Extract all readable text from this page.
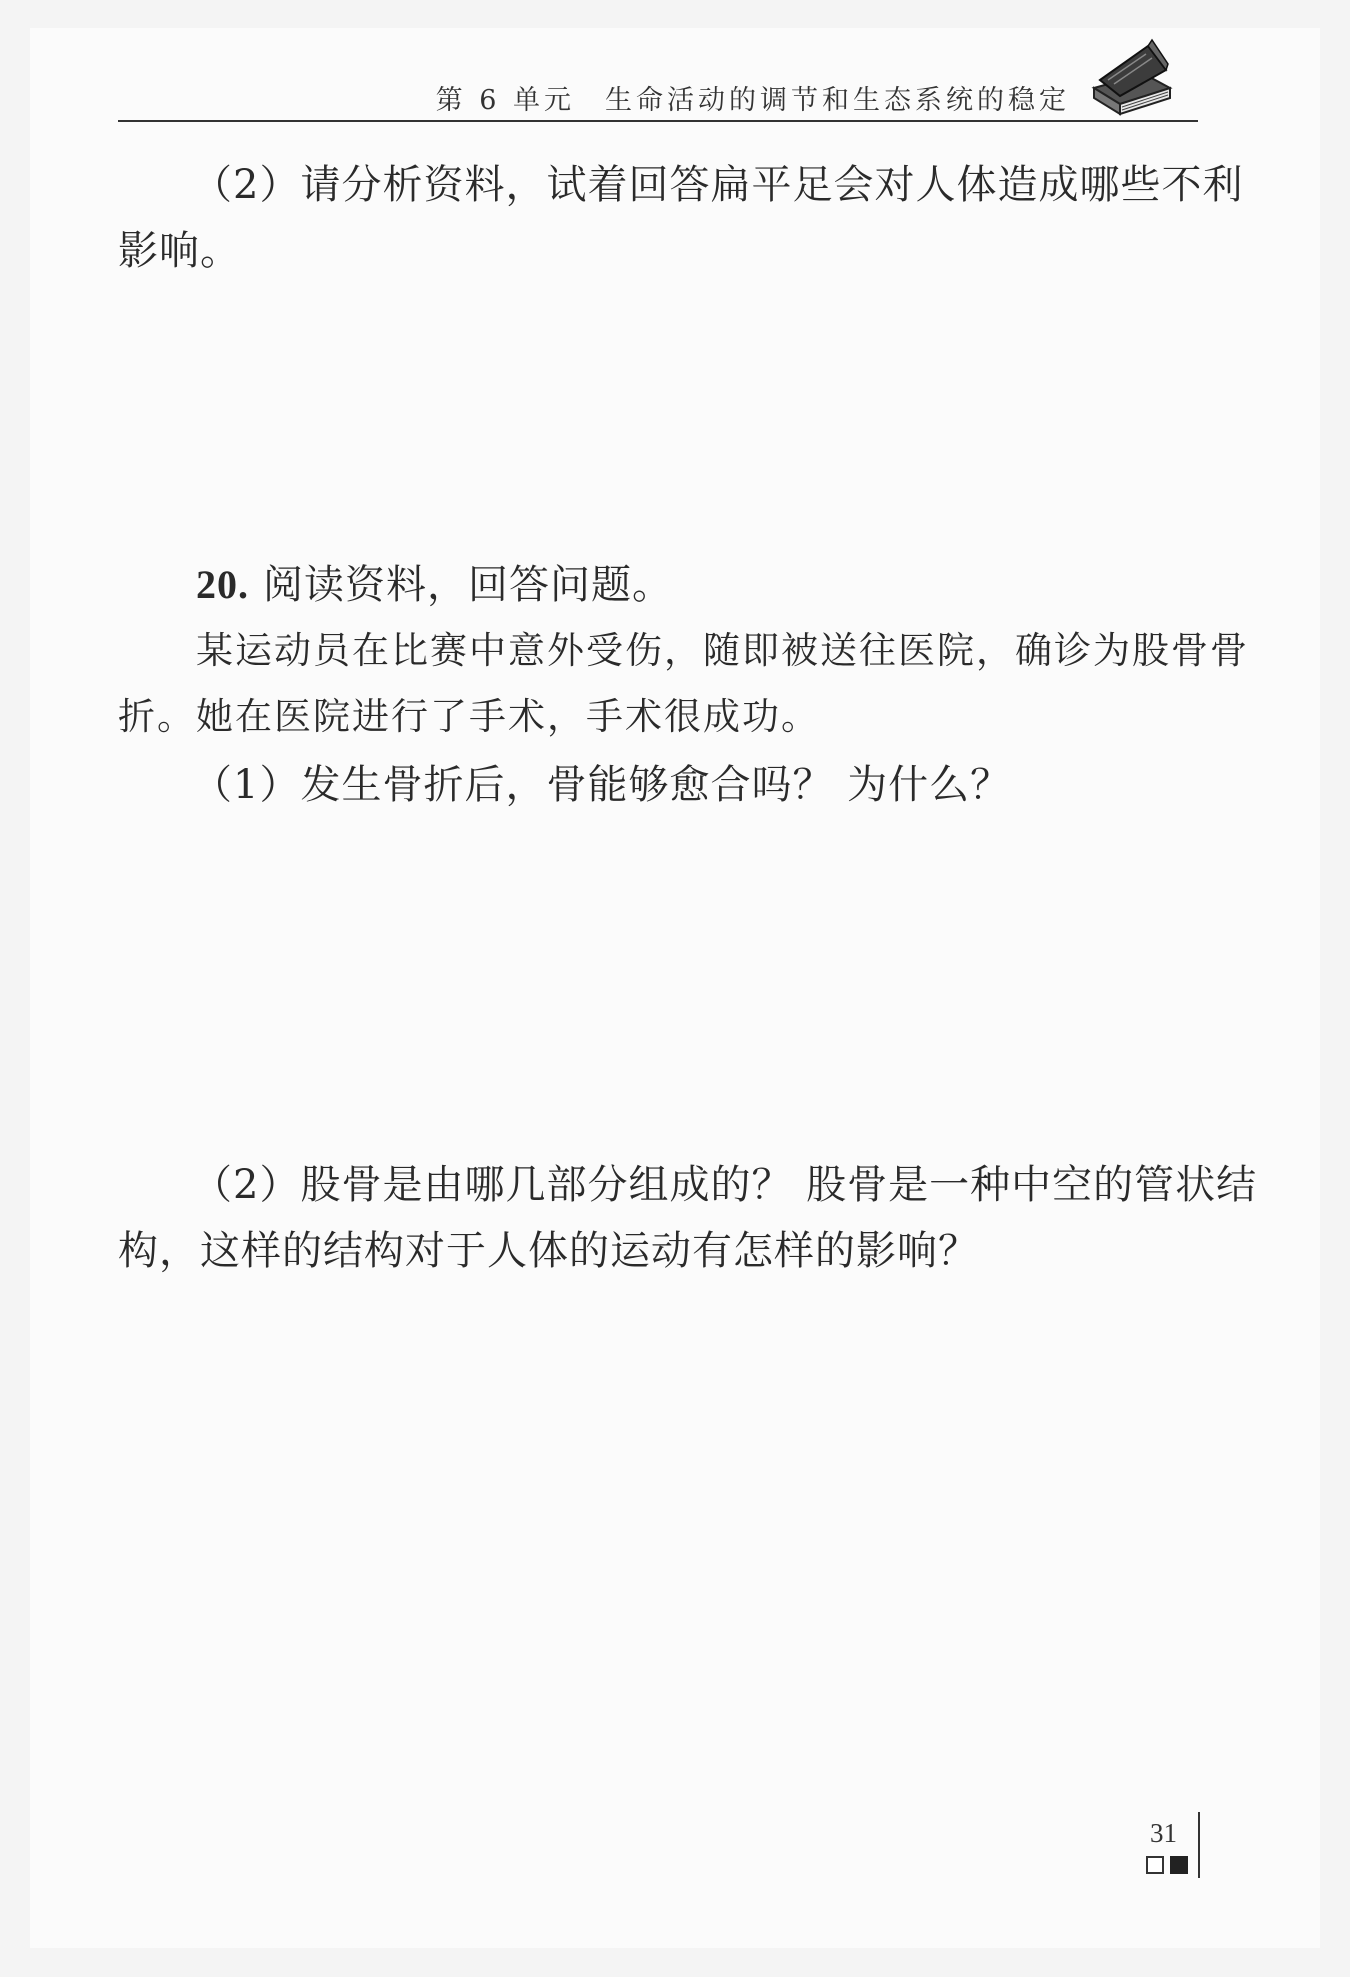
第 6 单元 生命活动的调节和生态系统的稳定
（2）请分析资料，试着回答扁平足会对人体造成哪些不利
影响。
20. 阅读资料，回答问题。
某运动员在比赛中意外受伤，随即被送往医院，确诊为股骨骨
折。她在医院进行了手术，手术很成功。
（1）发生骨折后，骨能够愈合吗？ 为什么？
（2）股骨是由哪几部分组成的？ 股骨是一种中空的管状结
构，这样的结构对于人体的运动有怎样的影响？
31
